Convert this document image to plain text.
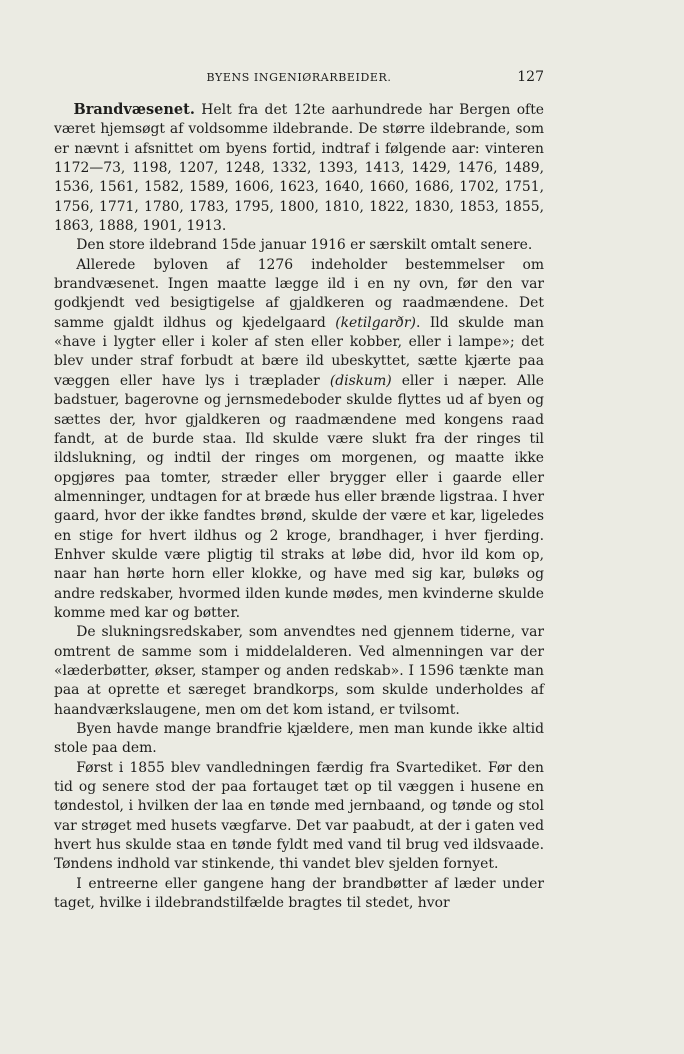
BYENS INGENIØRARBEIDER.	127

Brandvæsenet. Helt fra det 12te aarhundrede har Bergen ofte været hjemsøgt af voldsomme ildebrande. De større ildebrande, som er nævnt i afsnittet om byens fortid, indtraf i følgende aar: vinteren 1172—73, 1198, 1207, 1248, 1332, 1393, 1413, 1429, 1476, 1489, 1536, 1561, 1582, 1589, 1606, 1623, 1640, 1660, 1686, 1702, 1751, 1756, 1771, 1780, 1783, 1795, 1800, 1810, 1822, 1830, 1853, 1855, 1863, 1888, 1901, 1913.

Den store ildebrand 15de januar 1916 er særskilt omtalt senere.

Allerede byloven af 1276 indeholder bestemmelser om brandvæsenet. Ingen maatte lægge ild i en ny ovn, før den var godkjendt ved besigtigelse af gjaldkeren og raadmændene. Det samme gjaldt ildhus og kjedelgaard (ketilgarðr). Ild skulde man «have i lygter eller i koler af sten eller kobber, eller i lampe»; det blev under straf forbudt at bære ild ubeskyttet, sætte kjærte paa væggen eller have lys i træplader (diskum) eller i næper. Alle badstuer, bagerovne og jernsmedeboder skulde flyttes ud af byen og sættes der, hvor gjaldkeren og raadmændene med kongens raad fandt, at de burde staa. Ild skulde være slukt fra der ringes til ildslukning, og indtil der ringes om morgenen, og maatte ikke opgjøres paa tomter, stræder eller brygger eller i gaarde eller almenninger, undtagen for at bræde hus eller brænde ligstraa. I hver gaard, hvor der ikke fandtes brønd, skulde der være et kar, ligeledes en stige for hvert ildhus og 2 kroge, brandhager, i hver fjerding. Enhver skulde være pligtig til straks at løbe did, hvor ild kom op, naar han hørte horn eller klokke, og have med sig kar, buløks og andre redskaber, hvormed ilden kunde mødes, men kvinderne skulde komme med kar og bøtter.

De slukningsredskaber, som anvendtes ned gjennem tiderne, var omtrent de samme som i middelalderen. Ved almenningen var der «læderbøtter, økser, stamper og anden redskab». I 1596 tænkte man paa at oprette et særeget brandkorps, som skulde underholdes af haandværkslaugene, men om det kom istand, er tvilsomt.

Byen havde mange brandfrie kjældere, men man kunde ikke altid stole paa dem.

Først i 1855 blev vandledningen færdig fra Svartediket. Før den tid og senere stod der paa fortauget tæt op til væggen i husene en tøndestol, i hvilken der laa en tønde med jernbaand, og tønde og stol var strøget med husets vægfarve. Det var paabudt, at der i gaten ved hvert hus skulde staa en tønde fyldt med vand til brug ved ildsvaade. Tøndens indhold var stinkende, thi vandet blev sjelden fornyet.

I entreerne eller gangene hang der brandbøtter af læder under taget, hvilke i ildebrandstilfælde bragtes til stedet, hvor
